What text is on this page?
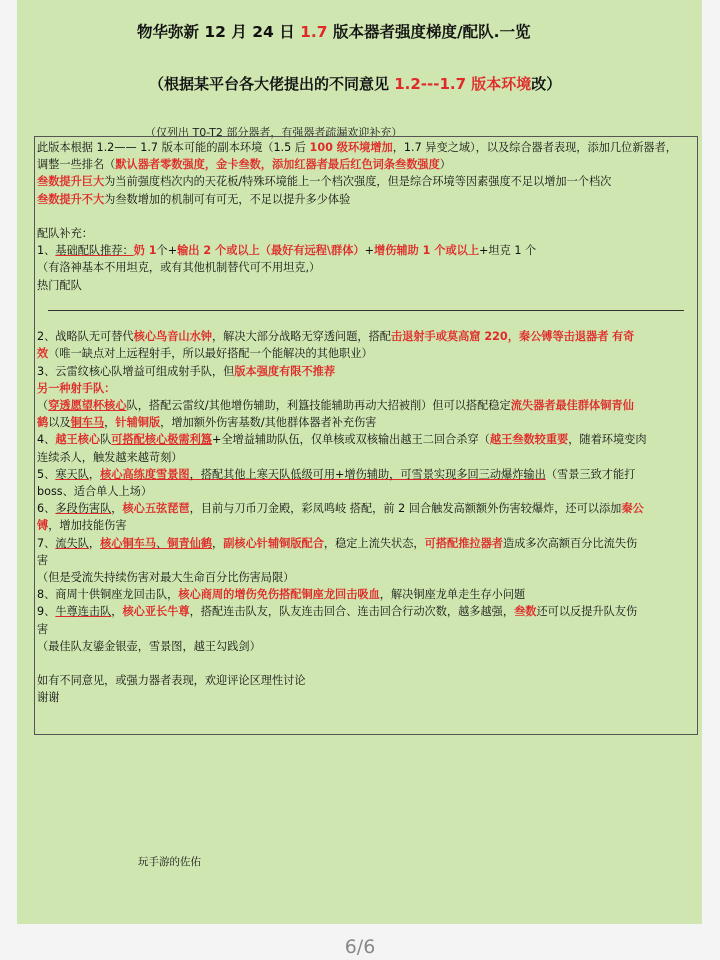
物华弥新 12 月 24 日 1.7 版本器者强度梯度/配队.一览
（根据某平台各大佬提出的不同意见 1.2---1.7 版本环境改）
（仅列出 T0-T2 部分器者，有强器者疏漏欢迎补充）
玩手游的佐佑
此版本根据 1.2—— 1.7 版本可能的副本环境（1.5 后 100 级环境增加，1.7 异变之域），以及综合器者表现，添加几位新器者，
调整一些排名（默认器者零数强度，金卡叁数，添加红器者最后红色词条叁数强度）
叁数提升巨大为当前强度档次内的天花板/特殊环境能上一个档次强度，但是综合环境等因素强度不足以增加一个档次
叁数提升不大为叁数增加的机制可有可无，不足以提升多少体验
配队补充：
1、基础配队推荐：奶 1个+输出 2 个或以上（最好有远程\群体）+增伤辅助 1 个或以上+坦克 1 个
（有洛神基本不用坦克，或有其他机制替代可不用坦克,）
热门配队
2、战略队无可替代核心鸟音山水钟，解决大部分战略无穿透问题，搭配击退射手或莫高窟 220，秦公镈等击退器者 有奇
效（唯一缺点对上远程射手，所以最好搭配一个能解决的其他职业）
3、云雷纹核心队增益可组成射手队，但版本强度有限不推荐
另一种射手队：
（穿透愿望杯核心队，搭配云雷纹/其他增伤辅助，利簋技能辅助再动大招被削）但可以搭配稳定流失器者最佳群体铜青仙
鹤以及铜车马，针辅铜版，增加额外伤害基数/其他群体器者补充伤害
4、越王核心队可搭配核心极需利簋+全增益辅助队伍，仅单核或双核输出越王二回合杀穿（越王叁数较重要，随着环境变肉
连续杀人，触发越来越苛刻）
5、寒天队，核心高练度雪景图，搭配其他上寒天队低级可用+增伤辅助，可雪景实现多回三动爆炸输出（雪景三致才能打
boss、适合单人上场）
6、多段伤害队，核心五弦琵琶，目前与刀币刀金殿，彩凤鸣岐 搭配，前 2 回合触发高额额外伤害较爆炸，还可以添加秦公
镈，增加技能伤害
7、流失队，核心铜车马、铜青仙鹤，副核心针辅铜版配合，稳定上流失状态，可搭配推拉器者造成多次高额百分比流失伤
害
（但是受流失持续伤害对最大生命百分比伤害局限）
8、商周十供铜座龙回击队，核心商周的增伤免伤搭配铜座龙回击吸血，解决铜座龙单走生存小问题
9、牛尊连击队，核心亚长牛尊，搭配连击队友，队友连击回合、连击回合行动次数，越多越强，叁数还可以反提升队友伤
害
（最佳队友鎏金银壶，雪景图，越王勾践剑）
如有不同意见，或强力器者表现，欢迎评论区理性讨论
谢谢
6/6
